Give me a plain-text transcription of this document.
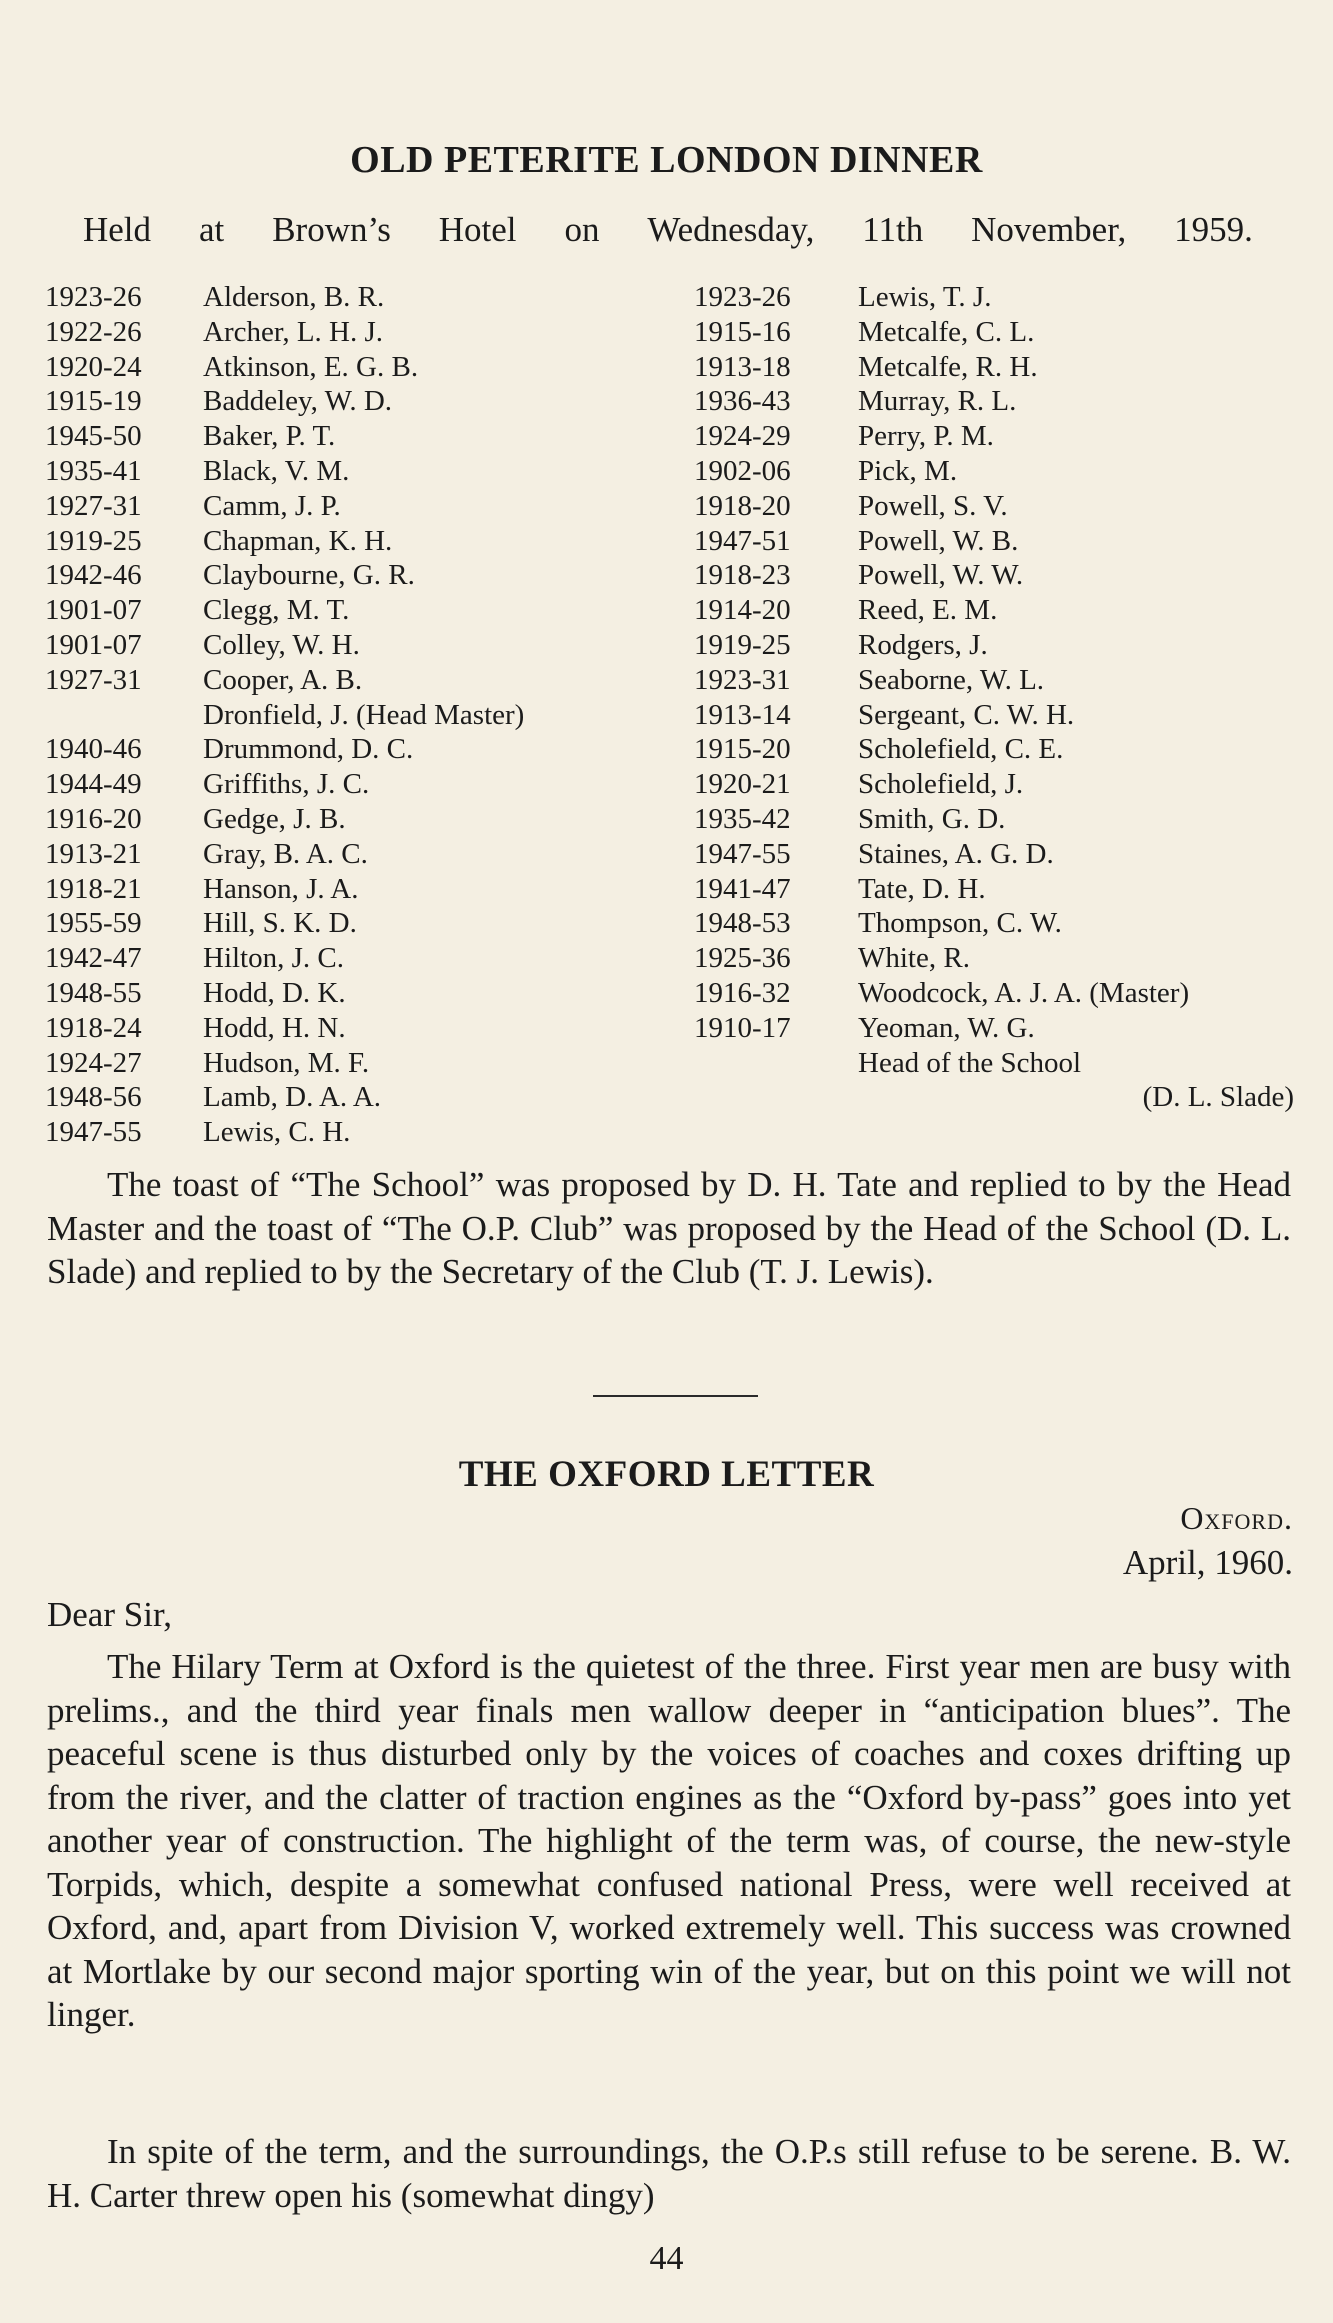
OLD PETERITE LONDON DINNER
Held at Brown’s Hotel on Wednesday, 11th November, 1959.
1923-26 Alderson, B. R.
1922-26 Archer, L. H. J.
1920-24 Atkinson, E. G. B.
1915-19 Baddeley, W. D.
1945-50 Baker, P. T.
1935-41 Black, V. M.
1927-31 Camm, J. P.
1919-25 Chapman, K. H.
1942-46 Claybourne, G. R.
1901-07 Clegg, M. T.
1901-07 Colley, W. H.
1927-31 Cooper, A. B.
Dronfield, J. (Head Master)
1940-46 Drummond, D. C.
1944-49 Griffiths, J. C.
1916-20 Gedge, J. B.
1913-21 Gray, B. A. C.
1918-21 Hanson, J. A.
1955-59 Hill, S. K. D.
1942-47 Hilton, J. C.
1948-55 Hodd, D. K.
1918-24 Hodd, H. N.
1924-27 Hudson, M. F.
1948-56 Lamb, D. A. A.
1947-55 Lewis, C. H.
1923-26 Lewis, T. J.
1915-16 Metcalfe, C. L.
1913-18 Metcalfe, R. H.
1936-43 Murray, R. L.
1924-29 Perry, P. M.
1902-06 Pick, M.
1918-20 Powell, S. V.
1947-51 Powell, W. B.
1918-23 Powell, W. W.
1914-20 Reed, E. M.
1919-25 Rodgers, J.
1923-31 Seaborne, W. L.
1913-14 Sergeant, C. W. H.
1915-20 Scholefield, C. E.
1920-21 Scholefield, J.
1935-42 Smith, G. D.
1947-55 Staines, A. G. D.
1941-47 Tate, D. H.
1948-53 Thompson, C. W.
1925-36 White, R.
1916-32 Woodcock, A. J. A. (Master)
1910-17 Yeoman, W. G.
Head of the School
(D. L. Slade)
The toast of “The School” was proposed by D. H. Tate and replied to by the Head Master and the toast of “The O.P. Club” was proposed by the Head of the School (D. L. Slade) and replied to by the Secretary of the Club (T. J. Lewis).
THE OXFORD LETTER
Oxford.
April, 1960.
Dear Sir,
The Hilary Term at Oxford is the quietest of the three. First year men are busy with prelims., and the third year finals men wallow deeper in “anticipation blues”. The peaceful scene is thus disturbed only by the voices of coaches and coxes drifting up from the river, and the clatter of traction engines as the “Oxford by-pass” goes into yet another year of construction. The highlight of the term was, of course, the new-style Torpids, which, despite a somewhat confused national Press, were well received at Oxford, and, apart from Division V, worked extremely well. This success was crowned at Mortlake by our second major sporting win of the year, but on this point we will not linger.
In spite of the term, and the surroundings, the O.P.s still refuse to be serene. B. W. H. Carter threw open his (somewhat dingy)
44
